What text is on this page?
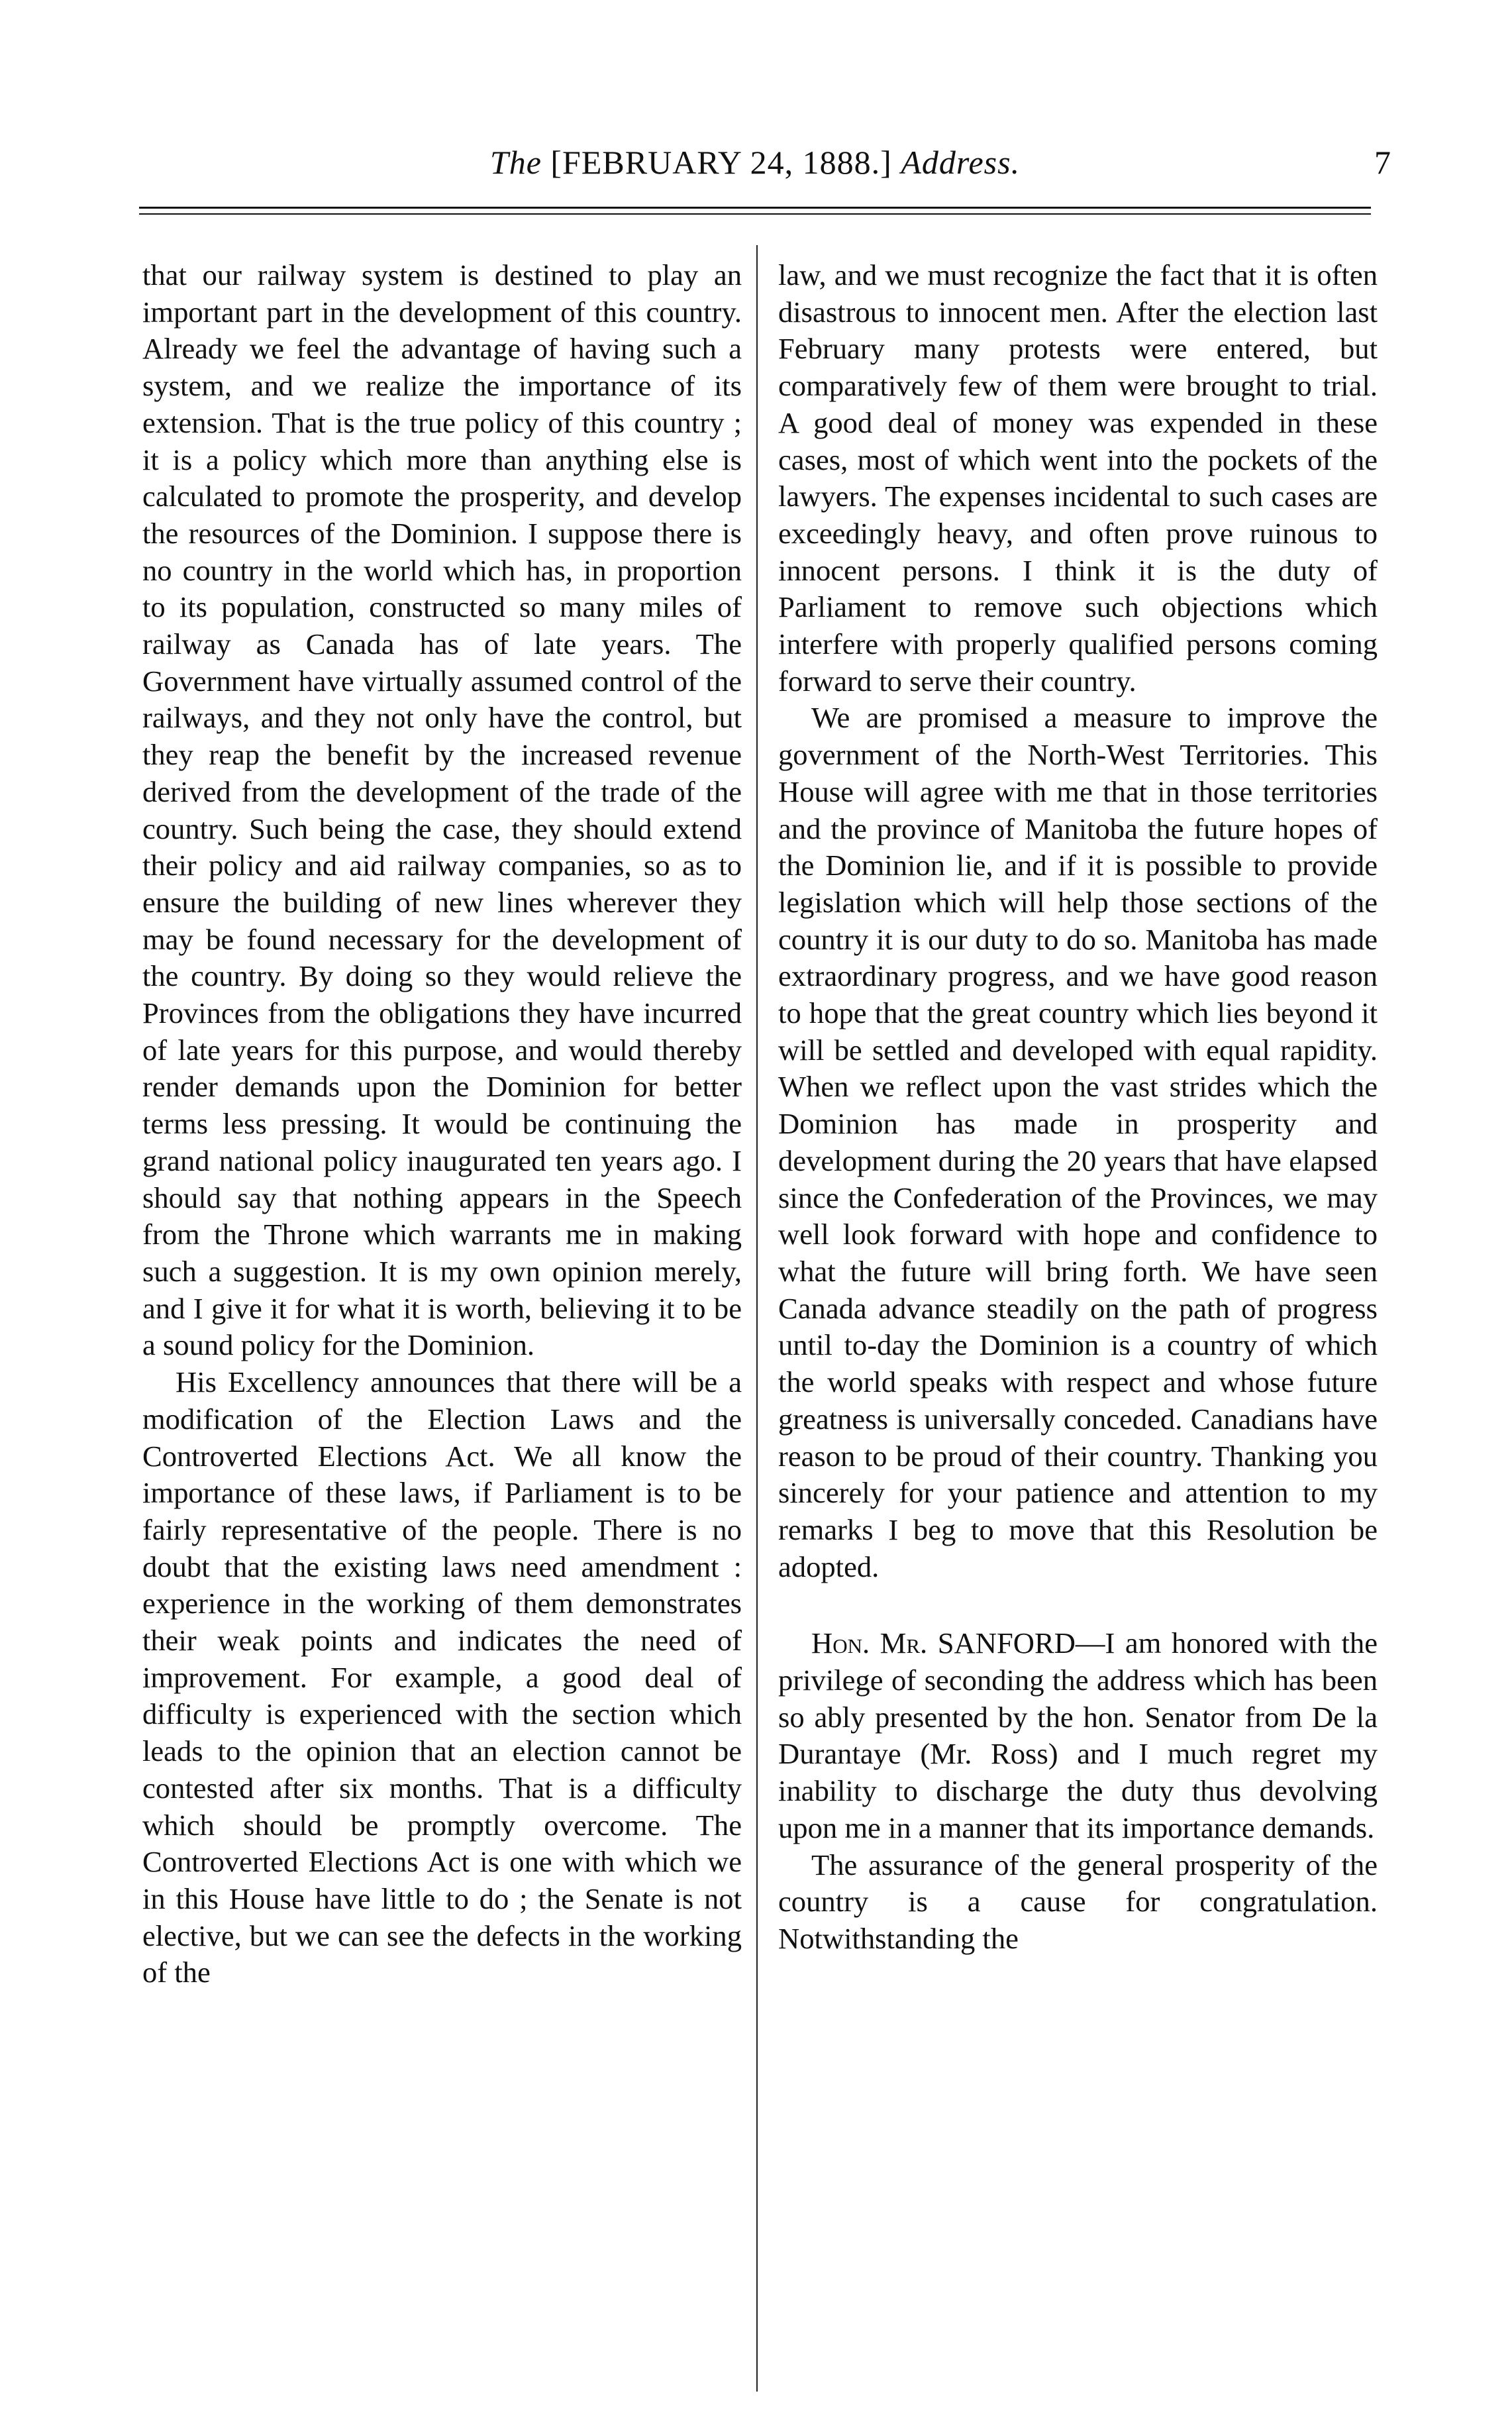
The [FEBRUARY 24, 1888.] Address.	7

that our railway system is destined to play an important part in the development of this country. Already we feel the advantage of having such a system, and we realize the importance of its extension. That is the true policy of this country ; it is a policy which more than anything else is calculated to promote the prosperity, and develop the resources of the Dominion. I suppose there is no country in the world which has, in proportion to its population, constructed so many miles of railway as Canada has of late years. The Government have virtually assumed control of the railways, and they not only have the control, but they reap the benefit by the increased revenue derived from the development of the trade of the country. Such being the case, they should extend their policy and aid railway companies, so as to ensure the building of new lines wherever they may be found necessary for the development of the country. By doing so they would relieve the Provinces from the obligations they have incurred of late years for this purpose, and would thereby render demands upon the Dominion for better terms less pressing. It would be continuing the grand national policy inaugurated ten years ago. I should say that nothing appears in the Speech from the Throne which warrants me in making such a suggestion. It is my own opinion merely, and I give it for what it is worth, believing it to be a sound policy for the Dominion.

His Excellency announces that there will be a modification of the Election Laws and the Controverted Elections Act. We all know the importance of these laws, if Parliament is to be fairly representative of the people. There is no doubt that the existing laws need amendment : experience in the working of them demonstrates their weak points and indicates the need of improvement. For example, a good deal of difficulty is experienced with the section which leads to the opinion that an election cannot be contested after six months. That is a difficulty which should be promptly overcome. The Controverted Elections Act is one with which we in this House have little to do ; the Senate is not elective, but we can see the defects in the working of the

law, and we must recognize the fact that it is often disastrous to innocent men. After the election last February many protests were entered, but comparatively few of them were brought to trial. A good deal of money was expended in these cases, most of which went into the pockets of the lawyers. The expenses incidental to such cases are exceedingly heavy, and often prove ruinous to innocent persons. I think it is the duty of Parliament to remove such objections which interfere with properly qualified persons coming forward to serve their country.

We are promised a measure to improve the government of the North-West Territories. This House will agree with me that in those territories and the province of Manitoba the future hopes of the Dominion lie, and if it is possible to provide legislation which will help those sections of the country it is our duty to do so. Manitoba has made extraordinary progress, and we have good reason to hope that the great country which lies beyond it will be settled and developed with equal rapidity. When we reflect upon the vast strides which the Dominion has made in prosperity and development during the 20 years that have elapsed since the Confederation of the Provinces, we may well look forward with hope and confidence to what the future will bring forth. We have seen Canada advance steadily on the path of progress until to-day the Dominion is a country of which the world speaks with respect and whose future greatness is universally conceded. Canadians have reason to be proud of their country. Thanking you sincerely for your patience and attention to my remarks I beg to move that this Resolution be adopted.

Hon. Mr. SANFORD—I am honored with the privilege of seconding the address which has been so ably presented by the hon. Senator from De la Durantaye (Mr. Ross) and I much regret my inability to discharge the duty thus devolving upon me in a manner that its importance demands.

The assurance of the general prosperity of the country is a cause for congratulation. Notwithstanding the
